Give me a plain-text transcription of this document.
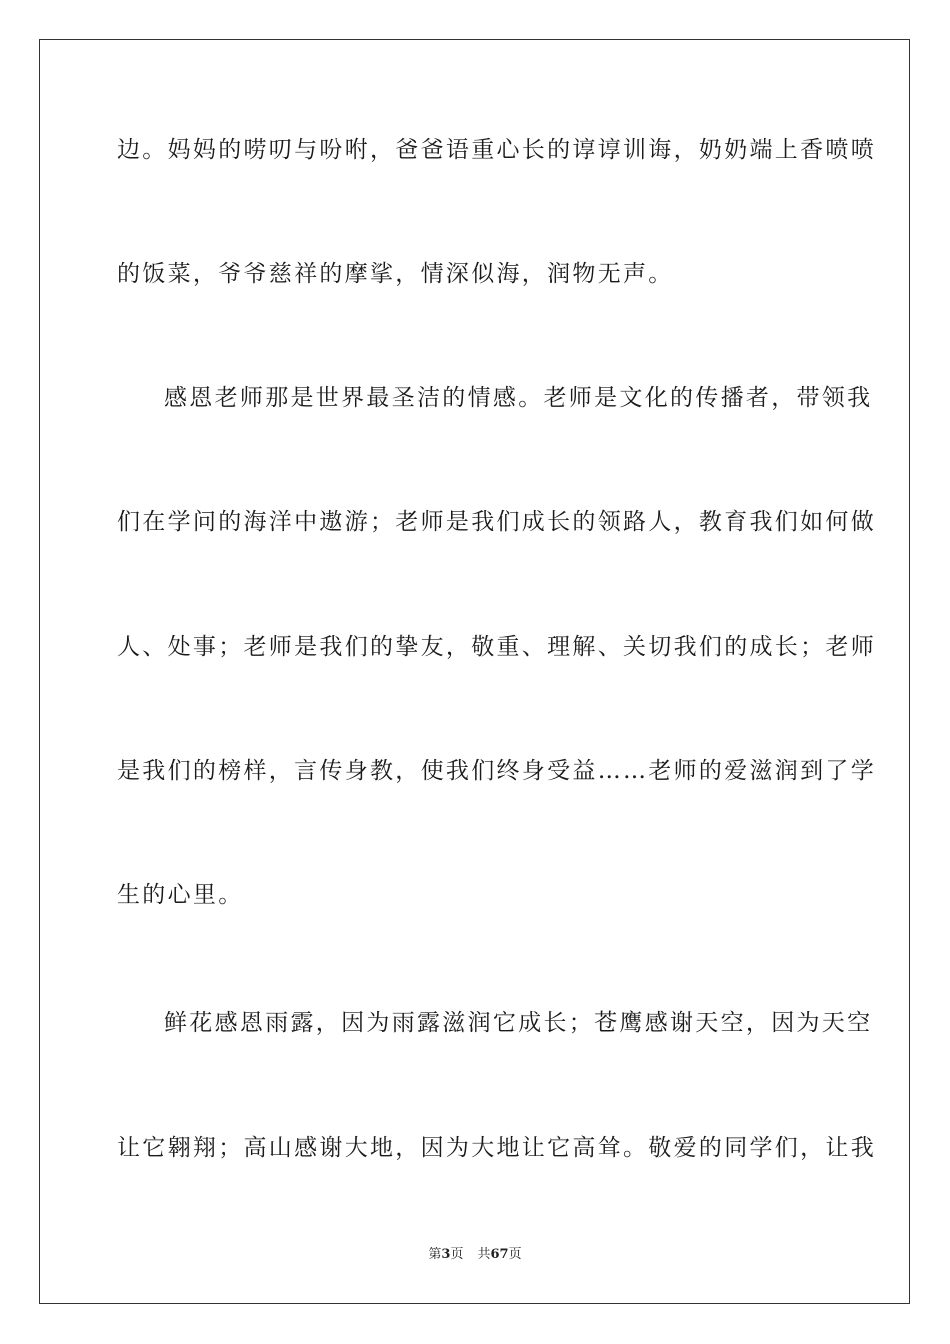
边。妈妈的唠叨与吩咐，爸爸语重心长的谆谆训诲，奶奶端上香喷喷

的饭菜，爷爷慈祥的摩挲，情深似海，润物无声。

感恩老师那是世界最圣洁的情感。老师是文化的传播者，带领我

们在学问的海洋中遨游；老师是我们成长的领路人，教育我们如何做

人、处事；老师是我们的挚友，敬重、理解、关切我们的成长；老师

是我们的榜样，言传身教，使我们终身受益……老师的爱滋润到了学

生的心里。

鲜花感恩雨露，因为雨露滋润它成长；苍鹰感谢天空，因为天空

让它翱翔；高山感谢大地，因为大地让它高耸。敬爱的同学们，让我

第3页 共67页
